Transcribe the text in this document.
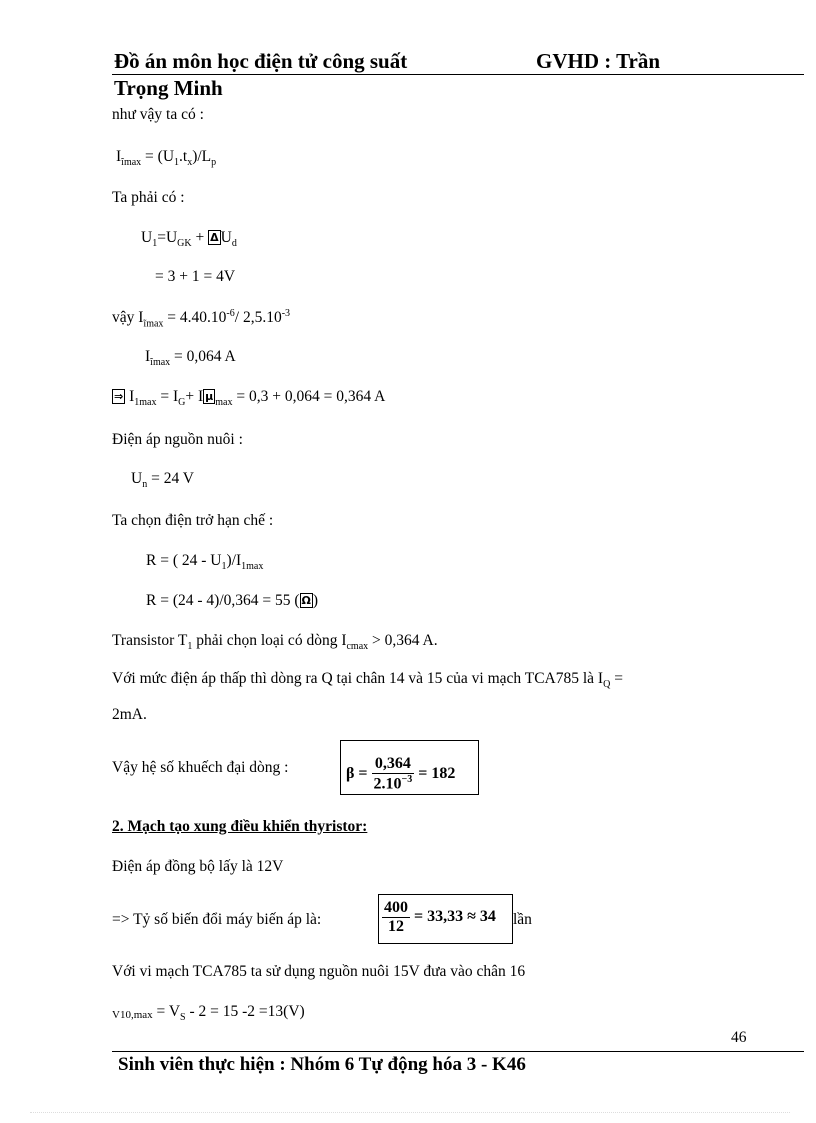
Đồ án môn học điện tử công suất	GVHD : Trần
Trọng Minh
như vậy ta có :
$I_{ĩmax} = (U_1.t_x)/L_p$
Ta phải có :
$U_1=U_{GK} + \Delta$ $U_d$
= 3 + 1 = 4V
vậy $I_{ĩmax} = 4.40.10^{-6}/$ $2,5.10^{-3}$
$I_{ĩmax} = 0,064$ A
⇒ $I_{1max} = I_G+ I$ μ $_{max}$ = 0,3 + 0,064 = 0,364 A
Điện áp nguồn nuôi :
$U_n = 24$ V
Ta chọn điện trở hạn chế :
R = ( $24 - U_1)/I_{1max}$
R = (24 - 4)/0,364 = 55 ( Ω )
Transistor $T_1$ phải chọn loại có dòng $I_{cmax} > 0,364$ A.
Với mức điện áp thấp thì dòng ra Q tại chân 14 và 15 của vi mạch TCA785 là $I_Q$ =
2mA.
Vậy hệ số khuếch đại dòng :	$\beta = \frac{0,364}{2.10^{-3}} = 182$
2. Mạch tạo xung điều khiển thyristor:
Điện áp đồng bộ lấy là 12V
=> Tỷ số biến đổi máy biến áp là:	$\frac{400}{12} = 33,33 \approx 34$ lần
Với vi mạch TCA785 ta sử dụng nguồn nuôi 15V đưa vào chân 16
$_{V10,max} = V_S - 2 = 15$ -2 =13(V)
46
Sinh viên thực hiện : Nhóm 6 Tự động hóa 3 - K46
